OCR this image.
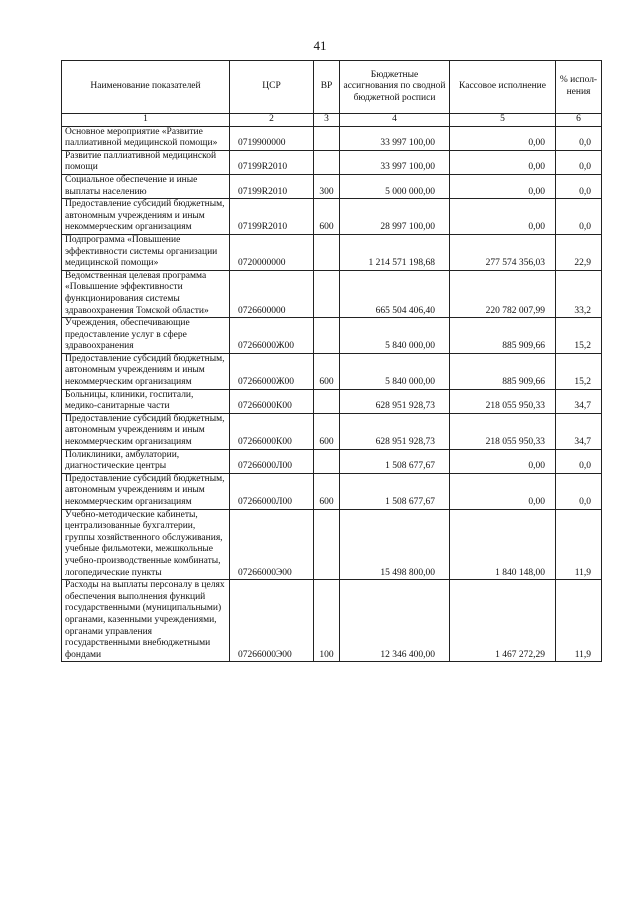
41
Наименование показателей	ЦСР	ВР	Бюджетные ассигнования по сводной бюджетной росписи	Кассовое исполнение	% испол-нения
1	2	3	4	5	6
Основное мероприятие «Развитие паллиативной медицинской помощи»	0719900000		33 997 100,00	0,00	0,0
Развитие паллиативной медицинской помощи	07199R2010		33 997 100,00	0,00	0,0
Социальное обеспечение и иные выплаты населению	07199R2010	300	5 000 000,00	0,00	0,0
Предоставление субсидий бюджетным, автономным учреждениям и иным некоммерческим организациям	07199R2010	600	28 997 100,00	0,00	0,0
Подпрограмма «Повышение эффективности системы организации медицинской помощи»	0720000000		1 214 571 198,68	277 574 356,03	22,9
Ведомственная целевая программа «Повышение эффективности функционирования системы здравоохранения Томской области»	0726600000		665 504 406,40	220 782 007,99	33,2
Учреждения, обеспечивающие предоставление услуг в сфере здравоохранения	07266000Ж00		5 840 000,00	885 909,66	15,2
Предоставление субсидий бюджетным, автономным учреждениям и иным некоммерческим организациям	07266000Ж00	600	5 840 000,00	885 909,66	15,2
Больницы, клиники, госпитали, медико-санитарные части	07266000К00		628 951 928,73	218 055 950,33	34,7
Предоставление субсидий бюджетным, автономным учреждениям и иным некоммерческим организациям	07266000К00	600	628 951 928,73	218 055 950,33	34,7
Поликлиники, амбулатории, диагностические центры	07266000Л00		1 508 677,67	0,00	0,0
Предоставление субсидий бюджетным, автономным учреждениям и иным некоммерческим организациям	07266000Л00	600	1 508 677,67	0,00	0,0
Учебно-методические кабинеты, централизованные бухгалтерии, группы хозяйственного обслуживания, учебные фильмотеки, межшкольные учебно-производственные комбинаты, логопедические пункты	07266000Э00		15 498 800,00	1 840 148,00	11,9
Расходы на выплаты персоналу в целях обеспечения выполнения функций государственными (муниципальными) органами, казенными учреждениями, органами управления государственными внебюджетными фондами	07266000Э00	100	12 346 400,00	1 467 272,29	11,9
